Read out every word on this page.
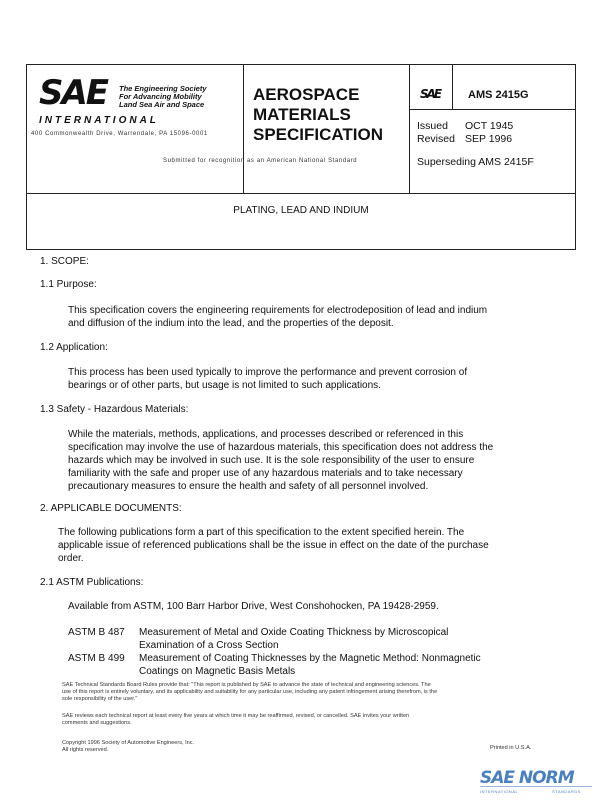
SAE The Engineering Society
For Advancing Mobility
Land Sea Air and Space
INTERNATIONAL
400 Commonwealth Drive, Warrendale, PA 15096-0001
AEROSPACE
MATERIALS
SPECIFICATION
Submitted for recognition as an American National Standard
SAE	AMS 2415G
Issued OCT 1945
Revised SEP 1996
Superseding AMS 2415F
PLATING, LEAD AND INDIUM
1. SCOPE:
1.1 Purpose:
This specification covers the engineering requirements for electrodeposition of lead and indium
and diffusion of the indium into the lead, and the properties of the deposit.
1.2 Application:
This process has been used typically to improve the performance and prevent corrosion of
bearings or of other parts, but usage is not limited to such applications.
1.3 Safety - Hazardous Materials:
While the materials, methods, applications, and processes described or referenced in this
specification may involve the use of hazardous materials, this specification does not address the
hazards which may be involved in such use. It is the sole responsibility of the user to ensure
familiarity with the safe and proper use of any hazardous materials and to take necessary
precautionary measures to ensure the health and safety of all personnel involved.
2. APPLICABLE DOCUMENTS:
The following publications form a part of this specification to the extent specified herein. The
applicable issue of referenced publications shall be the issue in effect on the date of the purchase
order.
2.1 ASTM Publications:
Available from ASTM, 100 Barr Harbor Drive, West Conshohocken, PA 19428-2959.
ASTM B 487	Measurement of Metal and Oxide Coating Thickness by Microscopical
Examination of a Cross Section
ASTM B 499	Measurement of Coating Thicknesses by the Magnetic Method: Nonmagnetic
Coatings on Magnetic Basis Metals
SAE Technical Standards Board Rules provide that: "This report is published by SAE to advance the state of technical and engineering sciences. The
use of this report is entirely voluntary, and its applicability and suitability for any particular use, including any patent infringement arising therefrom, is the
sole responsibility of the user."
SAE reviews each technical report at least every five years at which time it may be reaffirmed, revised, or cancelled. SAE invites your written
comments and suggestions.
Copyright 1996 Society of Automotive Engineers, Inc.
All rights reserved.	Printed in U.S.A.
SAE NORM
INTERNATIONAL	STANDARDS
